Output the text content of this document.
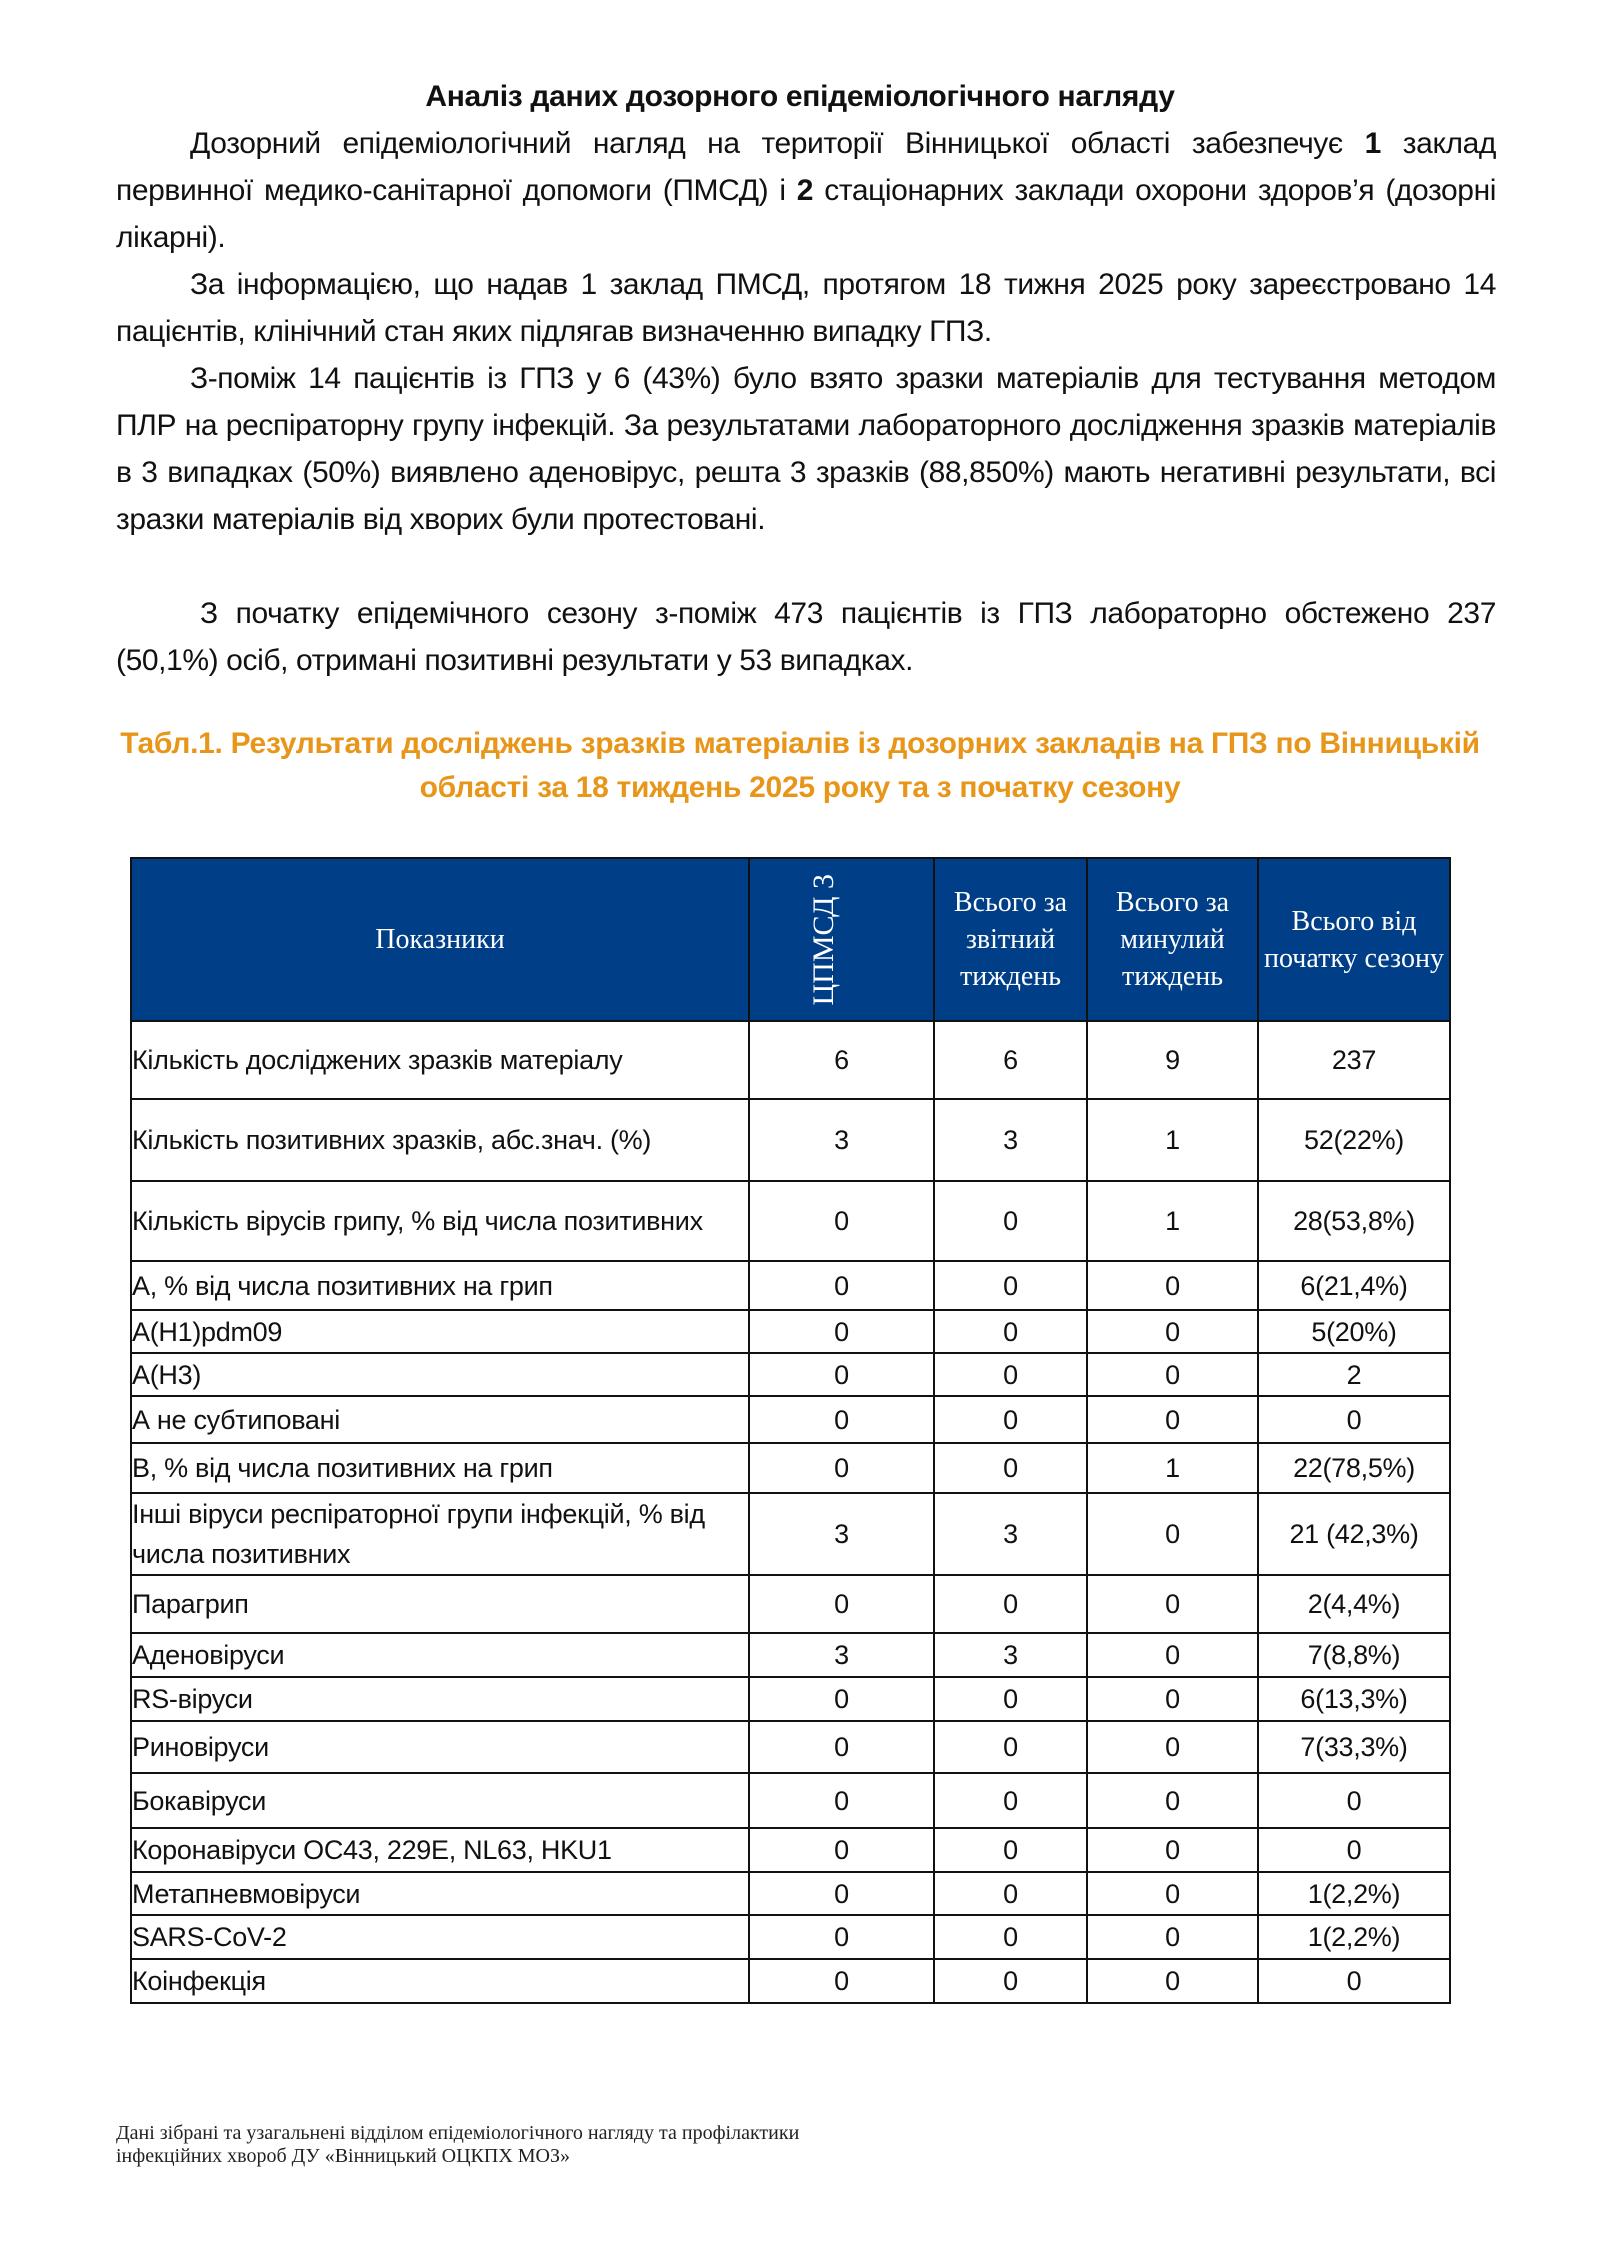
Аналіз даних дозорного епідеміологічного нагляду
Дозорний епідеміологічний нагляд на території Вінницької області забезпечує 1 заклад первинної медико-санітарної допомоги (ПМСД) і 2 стаціонарних заклади охорони здоров’я (дозорні лікарні).
За інформацією, що надав 1 заклад ПМСД, протягом 18 тижня 2025 року зареєстровано 14 пацієнтів, клінічний стан яких підлягав визначенню випадку ГПЗ.
З-поміж 14 пацієнтів із ГПЗ у 6 (43%) було взято зразки матеріалів для тестування методом ПЛР на респіраторну групу інфекцій. За результатами лабораторного дослідження зразків матеріалів в 3 випадках (50%) виявлено аденовірус, решта 3 зразків (88,850%) мають негативні результати, всі зразки матеріалів від хворих були протестовані.
З початку епідемічного сезону з-поміж 473 пацієнтів із ГПЗ лабораторно обстежено 237 (50,1%) осіб, отримані позитивні результати у 53 випадках.
Табл.1. Результати досліджень зразків матеріалів із дозорних закладів на ГПЗ по Вінницькій області за 18 тиждень 2025 року та з початку сезону
Показники	ЦПМСД 3	Всього за звітний тиждень	Всього за минулий тиждень	Всього від початку сезону
Кількість досліджених зразків матеріалу	6	6	9	237
Кількість позитивних зразків, абс.знач. (%)	3	3	1	52(22%)
Кількість вірусів грипу, % від числа позитивних	0	0	1	28(53,8%)
А, % від числа позитивних на грип	0	0	0	6(21,4%)
А(Н1)pdm09	0	0	0	5(20%)
А(Н3)	0	0	0	2
А не субтиповані	0	0	0	0
В, % від числа позитивних на грип	0	0	1	22(78,5%)
Інші віруси респіраторної групи інфекцій, % від числа позитивних	3	3	0	21 (42,3%)
Парагрип	0	0	0	2(4,4%)
Аденовіруси	3	3	0	7(8,8%)
RS-віруси	0	0	0	6(13,3%)
Риновіруси	0	0	0	7(33,3%)
Бокавіруси	0	0	0	0
Коронавіруси ОС43, 229E, NL63, HKU1	0	0	0	0
Метапневмовіруси	0	0	0	1(2,2%)
SARS-CoV-2	0	0	0	1(2,2%)
Коінфекція	0	0	0	0
Дані зібрані та узагальнені відділом епідеміологічного нагляду та профілактики
інфекційних хвороб ДУ «Вінницький ОЦКПХ МОЗ»
